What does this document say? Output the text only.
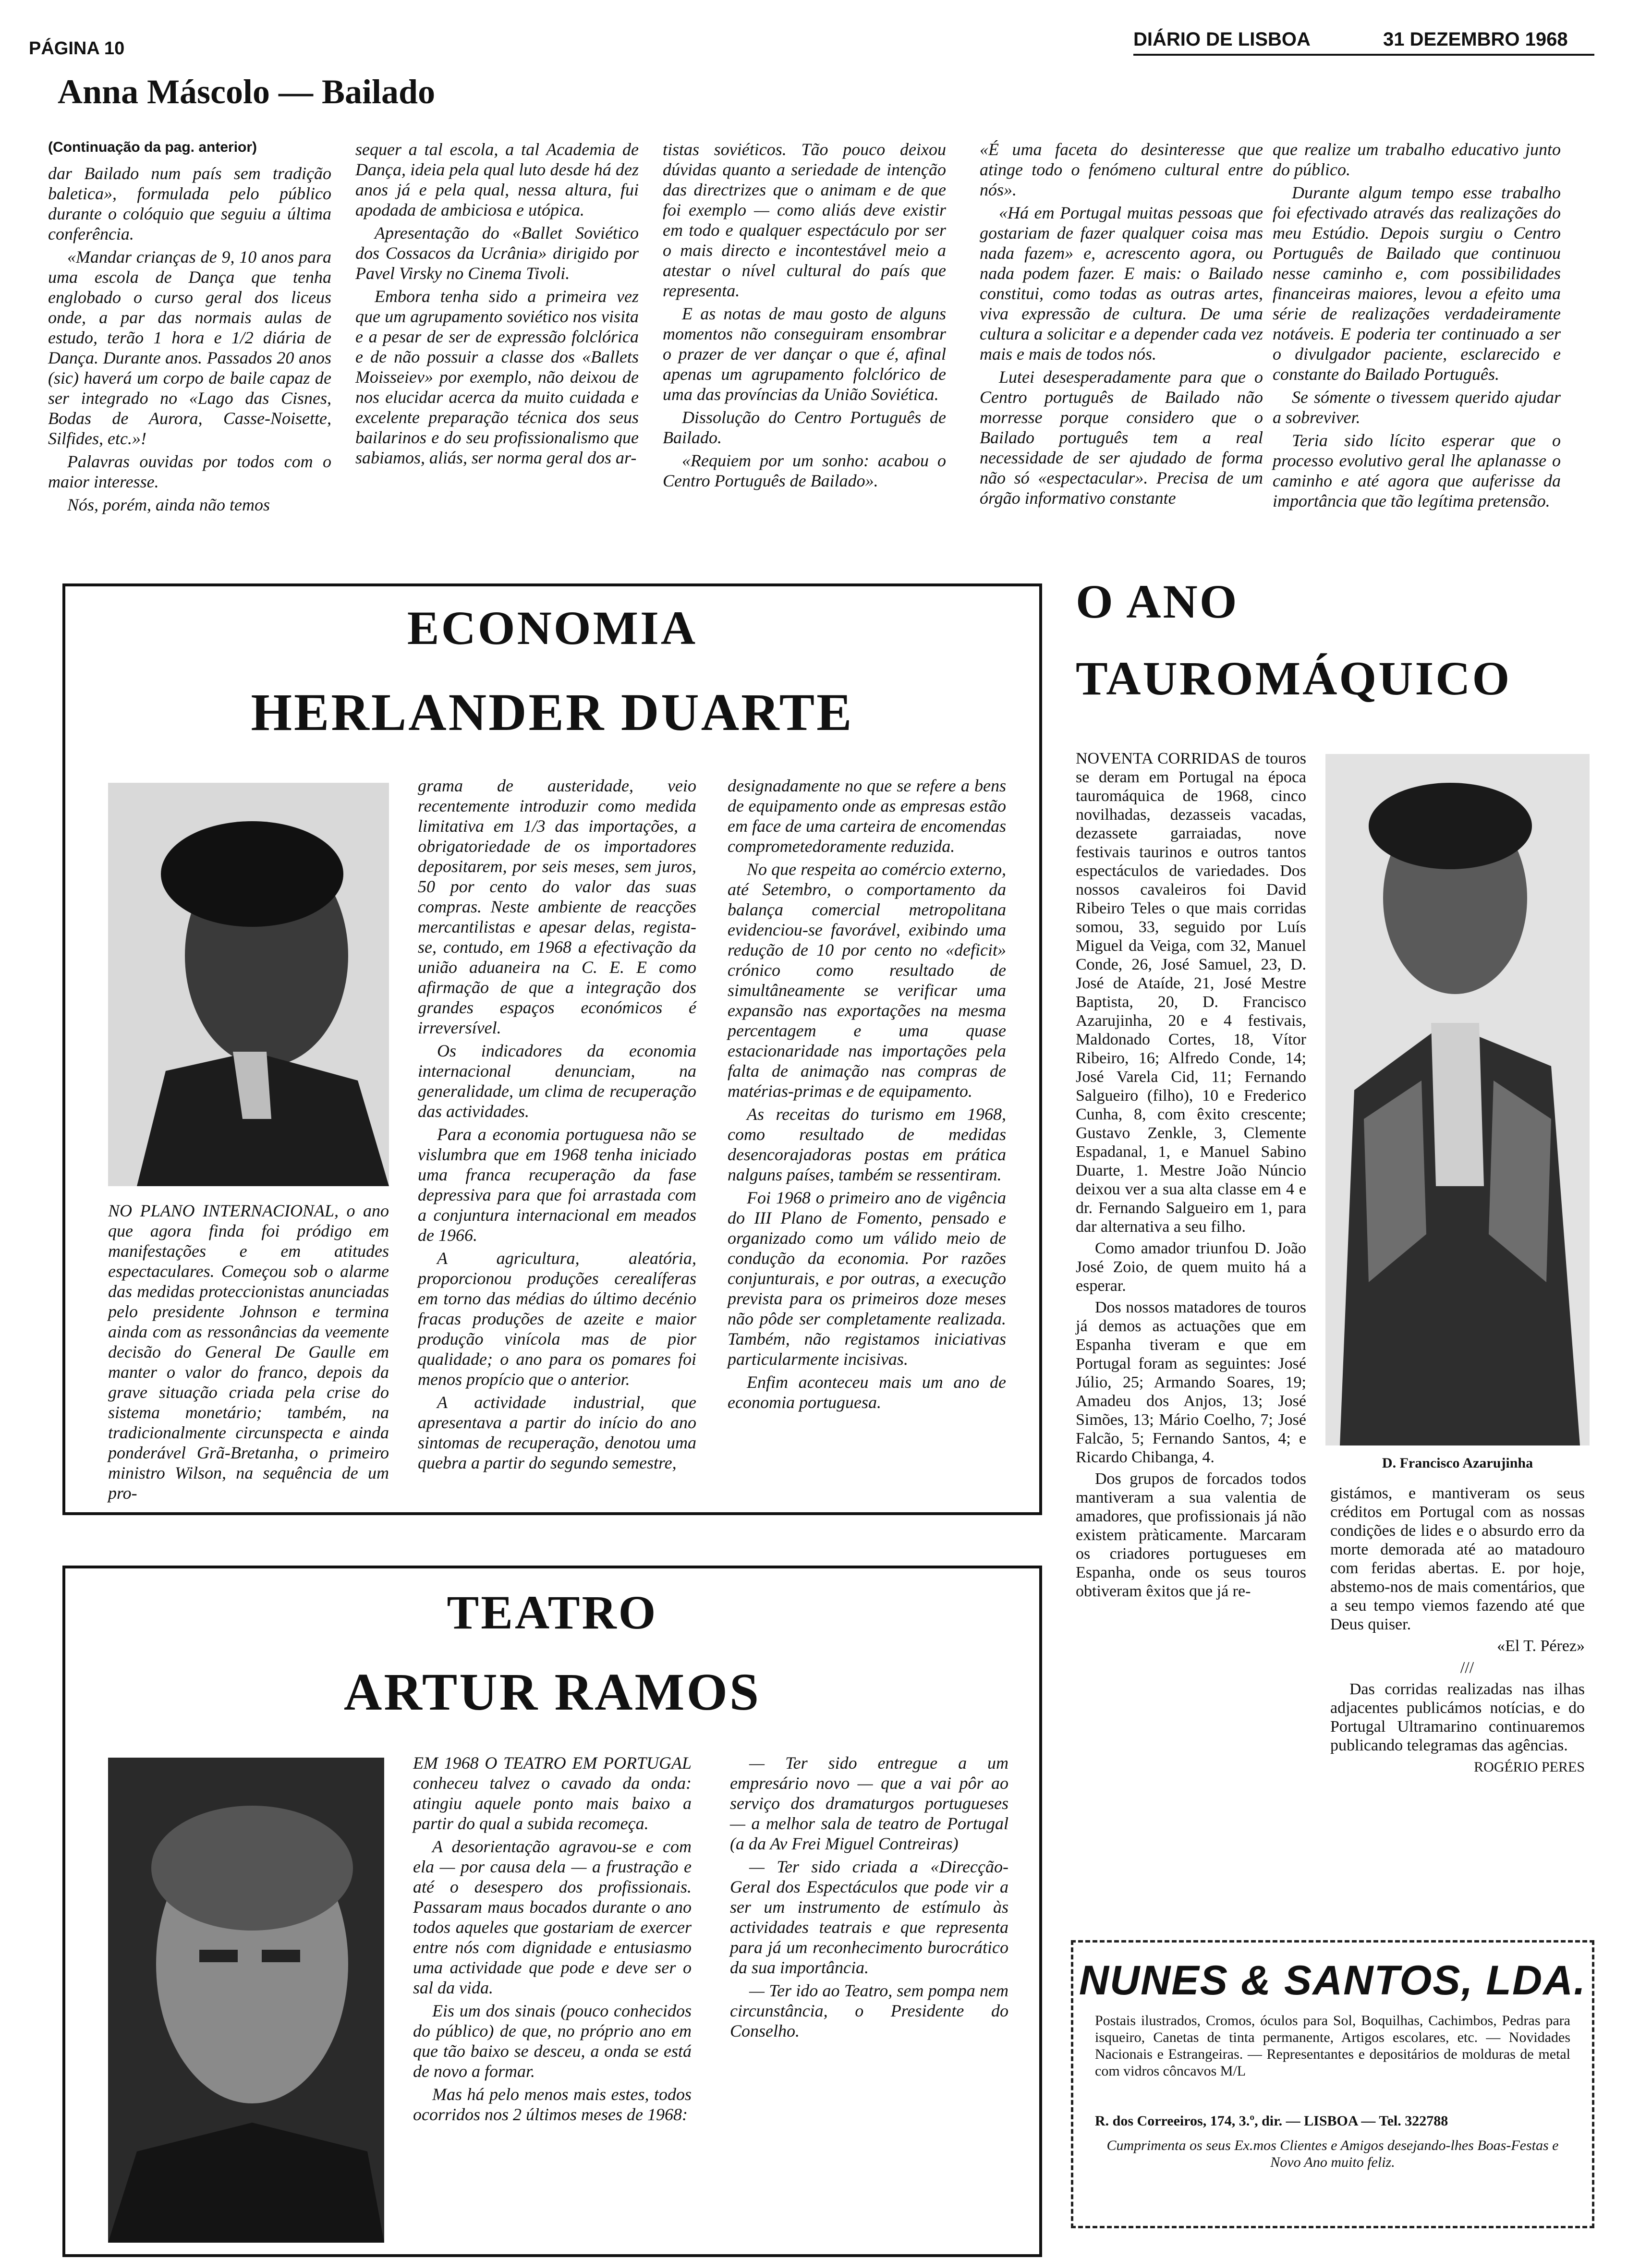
PÁGINA 10	DIÁRIO DE LISBOA	31 DEZEMBRO 1968
Anna Máscolo — Bailado
(Continuação da pag. anterior)

dar Bailado num país sem tradição baletica», formulada pelo público durante o colóquio que seguiu a última conferência.

«Mandar crianças de 9, 10 anos para uma escola de Dança que tenha englobado o curso geral dos liceus onde, a par das normais aulas de estudo, terão 1 hora e 1/2 diária de Dança. Durante anos. Passados 20 anos (sic) haverá um corpo de baile capaz de ser integrado no «Lago das Cisnes, Bodas de Aurora, Casse-Noisette, Silfides, etc.»!

Palavras ouvidas por todos com o maior interesse.

Nós, porém, ainda não temos

sequer a tal escola, a tal Academia de Dança, ideia pela qual luto desde há dez anos já e pela qual, nessa altura, fui apodada de ambiciosa e utópica.

Apresentação do «Ballet Soviético dos Cossacos da Ucrânia» dirigido por Pavel Virsky no Cinema Tivoli.

Embora tenha sido a primeira vez que um agrupamento soviético nos visita e a pesar de ser de expressão folclórica e de não possuir a classe dos «Ballets Moisseiev» por exemplo, não deixou de nos elucidar acerca da muito cuidada e excelente preparação técnica dos seus bailarinos e do seu profissionalismo que sabiamos, aliás, ser norma geral dos ar-

tistas soviéticos. Tão pouco deixou dúvidas quanto a seriedade de intenção das directrizes que o animam e de que foi exemplo — como aliás deve existir em todo e qualquer espectáculo por ser o mais directo e incontestável meio a atestar o nível cultural do país que representa.

E as notas de mau gosto de alguns momentos não conseguiram ensombrar o prazer de ver dançar o que é, afinal apenas um agrupamento folclórico de uma das províncias da União Soviética.

Dissolução do Centro Português de Bailado.

«Requiem por um sonho: acabou o Centro Português de Bailado».

«É uma faceta do desinteresse que atinge todo o fenómeno cultural entre nós».

«Há em Portugal muitas pessoas que gostariam de fazer qualquer coisa mas nada fazem» e, acrescento agora, ou nada podem fazer. E mais: o Bailado constitui, como todas as outras artes, viva expressão de cultura. De uma cultura a solicitar e a depender cada vez mais e mais de todos nós.

Lutei desesperadamente para que o Centro português de Bailado não morresse porque considero que o Bailado português tem a real necessidade de ser ajudado de forma não só «espectacular». Precisa de um órgão informativo constante

que realize um trabalho educativo junto do público.

Durante algum tempo esse trabalho foi efectivado através das realizações do meu Estúdio. Depois surgiu o Centro Português de Bailado que continuou nesse caminho e, com possibilidades financeiras maiores, levou a efeito uma série de realizações verdadeiramente notáveis. E poderia ter continuado a ser o divulgador paciente, esclarecido e constante do Bailado Português.

Se sómente o tivessem querido ajudar a sobreviver.

Teria sido lícito esperar que o processo evolutivo geral lhe aplanasse o caminho e até agora que auferisse da importância que tão legítima pretensão.

ECONOMIA
HERLANDER DUARTE

NO PLANO INTERNACIONAL, o ano que agora finda foi pródigo em manifestações e em atitudes espectaculares. Começou sob o alarme das medidas proteccionistas anunciadas pelo presidente Johnson e termina ainda com as ressonâncias da veemente decisão do General De Gaulle em manter o valor do franco, depois da grave situação criada pela crise do sistema monetário; também, na tradicionalmente circunspecta e ainda ponderável Grã-Bretanha, o primeiro ministro Wilson, na sequência de um pro-

grama de austeridade, veio recentemente introduzir como medida limitativa em 1/3 das importações, a obrigatoriedade de os importadores depositarem, por seis meses, sem juros, 50 por cento do valor das suas compras. Neste ambiente de reacções mercantilistas e apesar delas, regista-se, contudo, em 1968 a efectivação da união aduaneira na C. E. E como afirmação de que a integração dos grandes espaços económicos é irreversível.

Os indicadores da economia internacional denunciam, na generalidade, um clima de recuperação das actividades.

Para a economia portuguesa não se vislumbra que em 1968 tenha iniciado uma franca recuperação da fase depressiva para que foi arrastada com a conjuntura internacional em meados de 1966.

A agricultura, aleatória, proporcionou produções cerealíferas em torno das médias do último decénio fracas produções de azeite e maior produção vinícola mas de pior qualidade; o ano para os pomares foi menos propício que o anterior.

A actividade industrial, que apresentava a partir do início do ano sintomas de recuperação, denotou uma quebra a partir do segundo semestre,

designadamente no que se refere a bens de equipamento onde as empresas estão em face de uma carteira de encomendas comprometedoramente reduzida.

No que respeita ao comércio externo, até Setembro, o comportamento da balança comercial metropolitana evidenciou-se favorável, exibindo uma redução de 10 por cento no «deficit» crónico como resultado de simultâneamente se verificar uma expansão nas exportações na mesma percentagem e uma quase estacionaridade nas importações pela falta de animação nas compras de matérias-primas e de equipamento.

As receitas do turismo em 1968, como resultado de medidas desencorajadoras postas em prática nalguns países, também se ressentiram.

Foi 1968 o primeiro ano de vigência do III Plano de Fomento, pensado e organizado como um válido meio de condução da economia. Por razões conjunturais, e por outras, a execução prevista para os primeiros doze meses não pôde ser completamente realizada. Também, não registamos iniciativas particularmente incisivas.

Enfim aconteceu mais um ano de economia portuguesa.

TEATRO
ARTUR RAMOS

EM 1968 O TEATRO EM PORTUGAL conheceu talvez o cavado da onda: atingiu aquele ponto mais baixo a partir do qual a subida recomeça.

A desorientação agravou-se e com ela — por causa dela — a frustração e até o desespero dos profissionais. Passaram maus bocados durante o ano todos aqueles que gostariam de exercer entre nós com dignidade e entusiasmo uma actividade que pode e deve ser o sal da vida.

Eis um dos sinais (pouco conhecidos do público) de que, no próprio ano em que tão baixo se desceu, a onda se está de novo a formar.

Mas há pelo menos mais estes, todos ocorridos nos 2 últimos meses de 1968:

— Ter sido entregue a um empresário novo — que a vai pôr ao serviço dos dramaturgos portugueses — a melhor sala de teatro de Portugal (a da Av Frei Miguel Contreiras)

— Ter sido criada a «Direcção-Geral dos Espectáculos que pode vir a ser um instrumento de estímulo às actividades teatrais e que representa para já um reconhecimento burocrático da sua importância.

— Ter ido ao Teatro, sem pompa nem circunstância, o Presidente do Conselho.

O ANO
TAUROMÁQUICO
D. Francisco Azarujinha

NOVENTA CORRIDAS de touros se deram em Portugal na época tauromáquica de 1968, cinco novilhadas, dezasseis vacadas, dezassete garraiadas, nove festivais taurinos e outros tantos espectáculos de variedades. Dos nossos cavaleiros foi David Ribeiro Teles o que mais corridas somou, 33, seguido por Luís Miguel da Veiga, com 32, Manuel Conde, 26, José Samuel, 23, D. José de Ataíde, 21, José Mestre Baptista, 20, D. Francisco Azarujinha, 20 e 4 festivais, Maldonado Cortes, 18, Vítor Ribeiro, 16; Alfredo Conde, 14; José Varela Cid, 11; Fernando Salgueiro (filho), 10 e Frederico Cunha, 8, com êxito crescente; Gustavo Zenkle, 3, Clemente Espadanal, 1, e Manuel Sabino Duarte, 1. Mestre João Núncio deixou ver a sua alta classe em 4 e dr. Fernando Salgueiro em 1, para dar alternativa a seu filho.

Como amador triunfou D. João José Zoio, de quem muito há a esperar.

Dos nossos matadores de touros já demos as actuações que em Espanha tiveram e que em Portugal foram as seguintes: José Júlio, 25; Armando Soares, 19; Amadeu dos Anjos, 13; José Simões, 13; Mário Coelho, 7; José Falcão, 5; Fernando Santos, 4; e Ricardo Chibanga, 4.

Dos grupos de forcados todos mantiveram a sua valentia de amadores, que profissionais já não existem pràticamente. Marcaram os criadores portugueses em Espanha, onde os seus touros obtiveram êxitos que já re-

gistámos, e mantiveram os seus créditos em Portugal com as nossas condições de lides e o absurdo erro da morte demorada até ao matadouro com feridas abertas. E. por hoje, abstemo-nos de mais comentários, que a seu tempo viemos fazendo até que Deus quiser.

«El T. Pérez»

///

Das corridas realizadas nas ilhas adjacentes publicámos notícias, e do Portugal Ultramarino continuaremos publicando telegramas das agências.

ROGÉRIO PERES

NUNES & SANTOS, LDA.
Postais ilustrados, Cromos, óculos para Sol, Boquilhas, Cachimbos, Pedras para isqueiro, Canetas de tinta permanente, Artigos escolares, etc. — Novidades Nacionais e Estrangeiras. — Representantes e depositários de molduras de metal com vidros côncavos M/L
R. dos Correeiros, 174, 3.º, dir. — LISBOA — Tel. 322788
Cumprimenta os seus Ex.mos Clientes e Amigos desejando-lhes Boas-Festas e Novo Ano muito feliz.
